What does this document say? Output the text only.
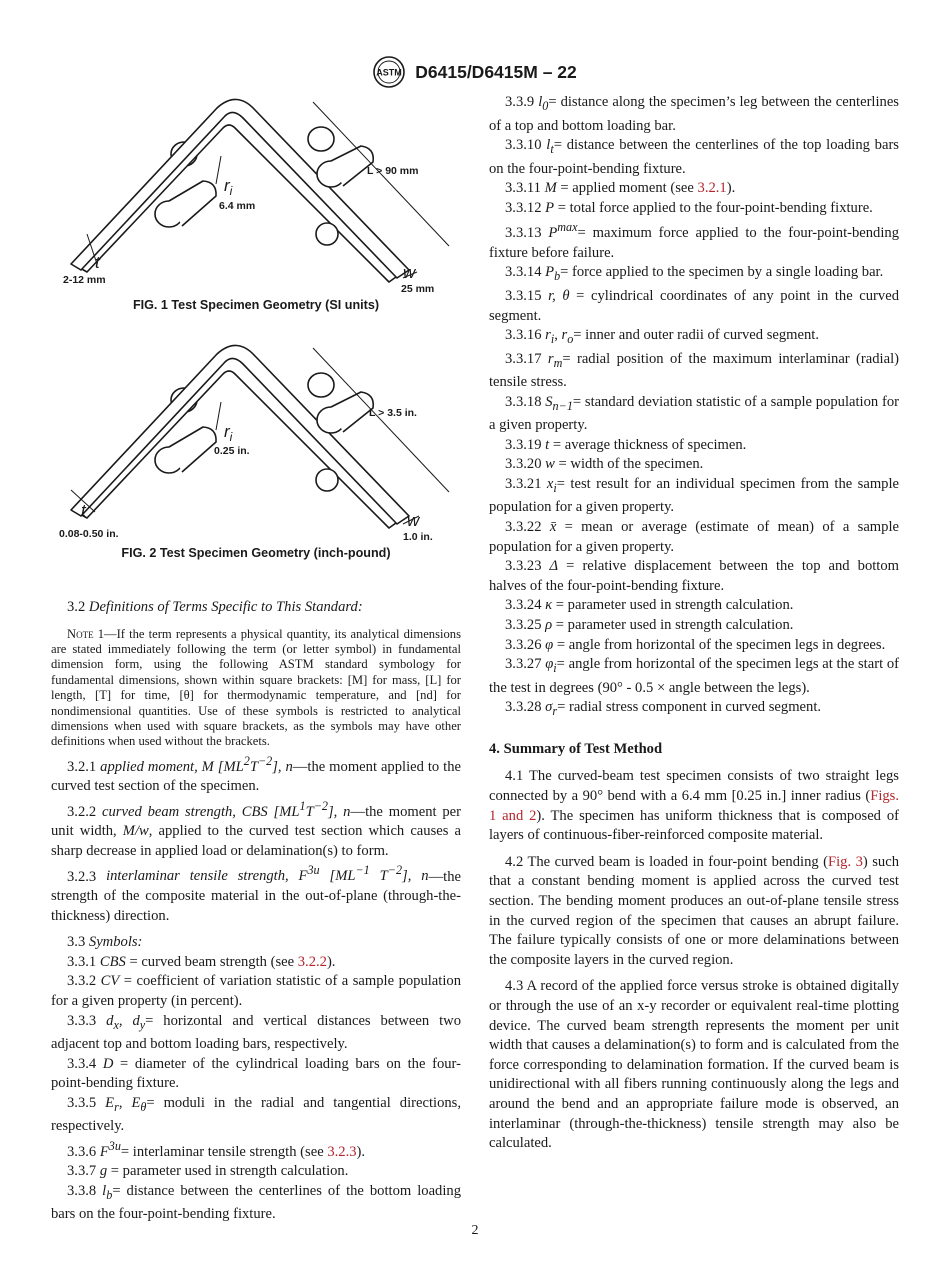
ASTM D6415/D6415M – 22
L > 90 mm
$r_i$
6.4 mm
t
2-12 mm	w
25 mm
FIG. 1 Test Specimen Geometry (SI units)
L > 3.5 in.
$r_i$
0.25 in.
t
0.08-0.50 in.
w
1.0 in.
FIG. 2 Test Specimen Geometry (inch-pound)

3.2 Definitions of Terms Specific to This Standard:

Note 1—If the term represents a physical quantity, its analytical dimensions are stated immediately following the term (or letter symbol) in fundamental dimension form, using the following ASTM standard symbology for fundamental dimensions, shown within square brackets: [M] for mass, [L] for length, [T] for time, [θ] for thermodynamic temperature, and [nd] for nondimensional quantities. Use of these symbols is restricted to analytical dimensions when used with square brackets, as the symbols may have other definitions when used without the brackets.

3.2.1 applied moment, M $[ML^2T^{-2}]$, n—the moment applied to the curved test section of the specimen.

3.2.2 curved beam strength, CBS $[ML^1T^{-2}]$, n—the moment per unit width, M/w, applied to the curved test section which causes a sharp decrease in applied load or delamination(s) to form.

3.2.3 interlaminar tensile strength, $F^{3u}$ [$ML^{-1}$ $T^{-2}$], n—the strength of the composite material in the out-of-plane (through-the-thickness) direction.

3.3 Symbols:

3.3.1 CBS = curved beam strength (see 3.2.2).

3.3.2 CV = coefficient of variation statistic of a sample population for a given property (in percent).

3.3.3 $d_x$, $d_y=$ horizontal and vertical distances between two adjacent top and bottom loading bars, respectively.

3.3.4 D = diameter of the cylindrical loading bars on the four-point-bending fixture.

3.3.5 $E_r$, $E_\theta=$ moduli in the radial and tangential directions, respectively.

3.3.6 $F^{3u}=$ interlaminar tensile strength (see 3.2.3).

3.3.7 g = parameter used in strength calculation.

3.3.8 $l_b=$ distance between the centerlines of the bottom loading bars on the four-point-bending fixture.

3.3.9 $l_0=$ distance along the specimen’s leg between the centerlines of a top and bottom loading bar.

3.3.10 $l_t=$ distance between the centerlines of the top loading bars on the four-point-bending fixture.

3.3.11 M = applied moment (see 3.2.1).

3.3.12 P = total force applied to the four-point-bending fixture.

3.3.13 $P^{max}=$ maximum force applied to the four-point-bending fixture before failure.

3.3.14 $P_b=$ force applied to the specimen by a single loading bar.

3.3.15 r, θ = cylindrical coordinates of any point in the curved segment.

3.3.16 $r_i$, $r_o=$ inner and outer radii of curved segment.

3.3.17 $r_m=$ radial position of the maximum interlaminar (radial) tensile stress.

3.3.18 $S_{n-1}=$ standard deviation statistic of a sample population for a given property.

3.3.19 t = average thickness of specimen.

3.3.20 w = width of the specimen.

3.3.21 $x_i=$ test result for an individual specimen from the sample population for a given property.

3.3.22 x̄ = mean or average (estimate of mean) of a sample population for a given property.

3.3.23 Δ = relative displacement between the top and bottom halves of the four-point-bending fixture.

3.3.24 κ = parameter used in strength calculation.

3.3.25 ρ = parameter used in strength calculation.

3.3.26 φ = angle from horizontal of the specimen legs in degrees.

3.3.27 $\varphi_i=$ angle from horizontal of the specimen legs at the start of the test in degrees (90° - 0.5 × angle between the legs).

3.3.28 $\sigma_r=$ radial stress component in curved segment.

4. Summary of Test Method

4.1 The curved-beam test specimen consists of two straight legs connected by a 90° bend with a 6.4 mm [0.25 in.] inner radius (Figs. 1 and 2). The specimen has uniform thickness that is composed of layers of continuous-fiber-reinforced composite material.

4.2 The curved beam is loaded in four-point bending (Fig. 3) such that a constant bending moment is applied across the curved test section. The bending moment produces an out-of-plane tensile stress in the curved region of the specimen that causes an abrupt failure. The failure typically consists of one or more delaminations between the composite layers in the curved region.

4.3 A record of the applied force versus stroke is obtained digitally or through the use of an x-y recorder or equivalent real-time plotting device. The curved beam strength represents the moment per unit width that causes a delamination(s) to form and is calculated from the force corresponding to delamination formation. If the curved beam is unidirectional with all fibers running continuously along the legs and around the bend and an appropriate failure mode is observed, an interlaminar (through-the-thickness) tensile strength may also be calculated.

2
